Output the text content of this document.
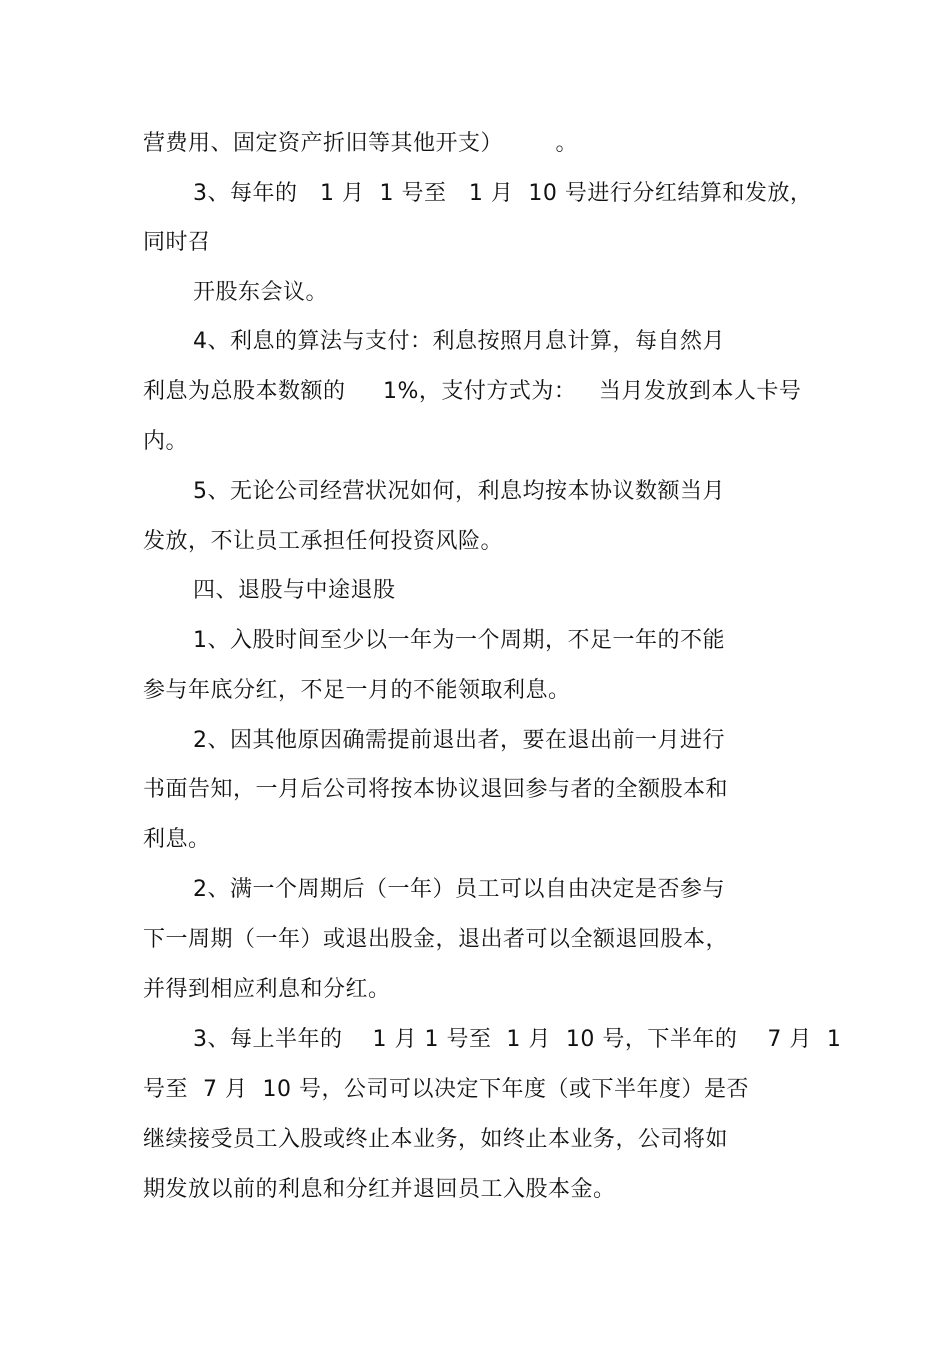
营费用、固定资产折旧等其他开支）       。
3、每年的   1 月  1 号至   1 月  10 号进行分红结算和发放，
同时召
开股东会议。
4、利息的算法与支付：利息按照月息计算，每自然月
利息为总股本数额的     1%，支付方式为：   当月发放到本人卡号
内。
5、无论公司经营状况如何，利息均按本协议数额当月
发放，不让员工承担任何投资风险。
四、退股与中途退股
1、入股时间至少以一年为一个周期，不足一年的不能
参与年底分红，不足一月的不能领取利息。
2、因其他原因确需提前退出者，要在退出前一月进行
书面告知，一月后公司将按本协议退回参与者的全额股本和
利息。
2、满一个周期后（一年）员工可以自由决定是否参与
下一周期（一年）或退出股金，退出者可以全额退回股本，
并得到相应利息和分红。
3、每上半年的    1 月 1 号至  1 月  10 号，下半年的    7 月  1
号至  7 月  10 号，公司可以决定下年度（或下半年度）是否
继续接受员工入股或终止本业务，如终止本业务，公司将如
期发放以前的利息和分红并退回员工入股本金。
